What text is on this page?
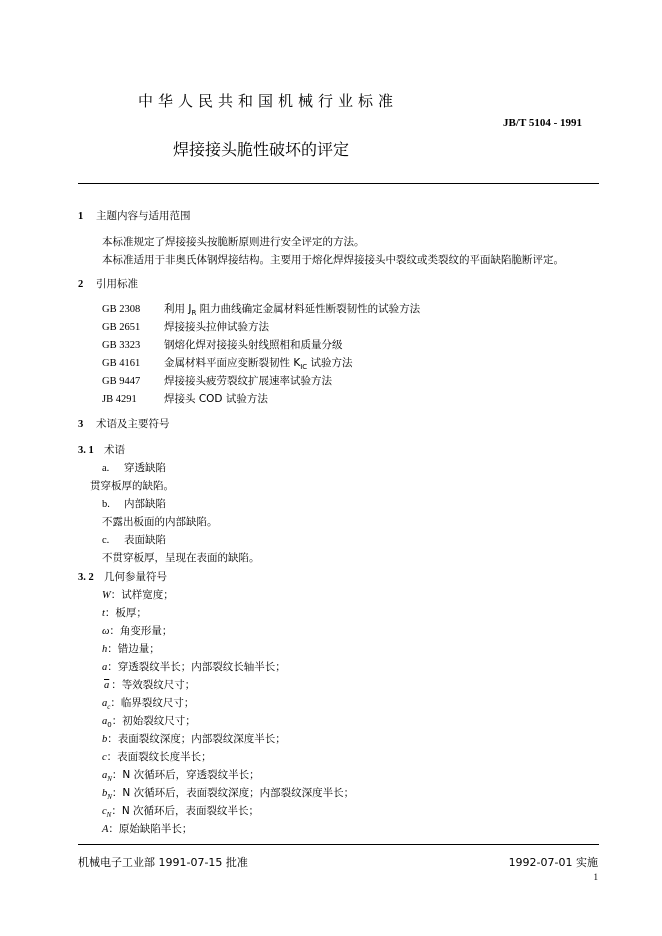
中华人民共和国机械行业标准
JB/T 5104 - 1991
焊接接头脆性破坏的评定
1 主题内容与适用范围
本标准规定了焊接接头按脆断原则进行安全评定的方法。
本标准适用于非奥氏体钢焊接结构。主要用于熔化焊焊接接头中裂纹或类裂纹的平面缺陷脆断评定。
2 引用标准
GB 2308 利用 $J_R$ 阻力曲线确定金属材料延性断裂韧性的试验方法
GB 2651 焊接接头拉伸试验方法
GB 3323 钢熔化焊对接接头射线照相和质量分级
GB 4161 金属材料平面应变断裂韧性 $K_{IC}$ 试验方法
GB 9447 焊接接头疲劳裂纹扩展速率试验方法
JB 4291	焊接头 COD 试验方法
3 术语及主要符号
3. 1 术语
a. 穿透缺陷
贯穿板厚的缺陷。
b. 内部缺陷
不露出板面的内部缺陷。
c. 表面缺陷
不贯穿板厚，呈现在表面的缺陷。
3. 2 几何参量符号
W：试样宽度；
t：板厚；
ω：角变形量；
h：错边量；
a：穿透裂纹半长；内部裂纹长轴半长；
$\overline{a}$ ：等效裂纹尺寸；
$a_c$：临界裂纹尺寸；
$a_0$：初始裂纹尺寸；
b：表面裂纹深度；内部裂纹深度半长；
c：表面裂纹长度半长；
$a_N$：N 次循环后，穿透裂纹半长；
$b_N$：N 次循环后，表面裂纹深度；内部裂纹深度半长；
$c_N$：N 次循环后，表面裂纹半长；
A：原始缺陷半长；
机械电子工业部 1991-07-15 批准	1992-07-01 实施
1
